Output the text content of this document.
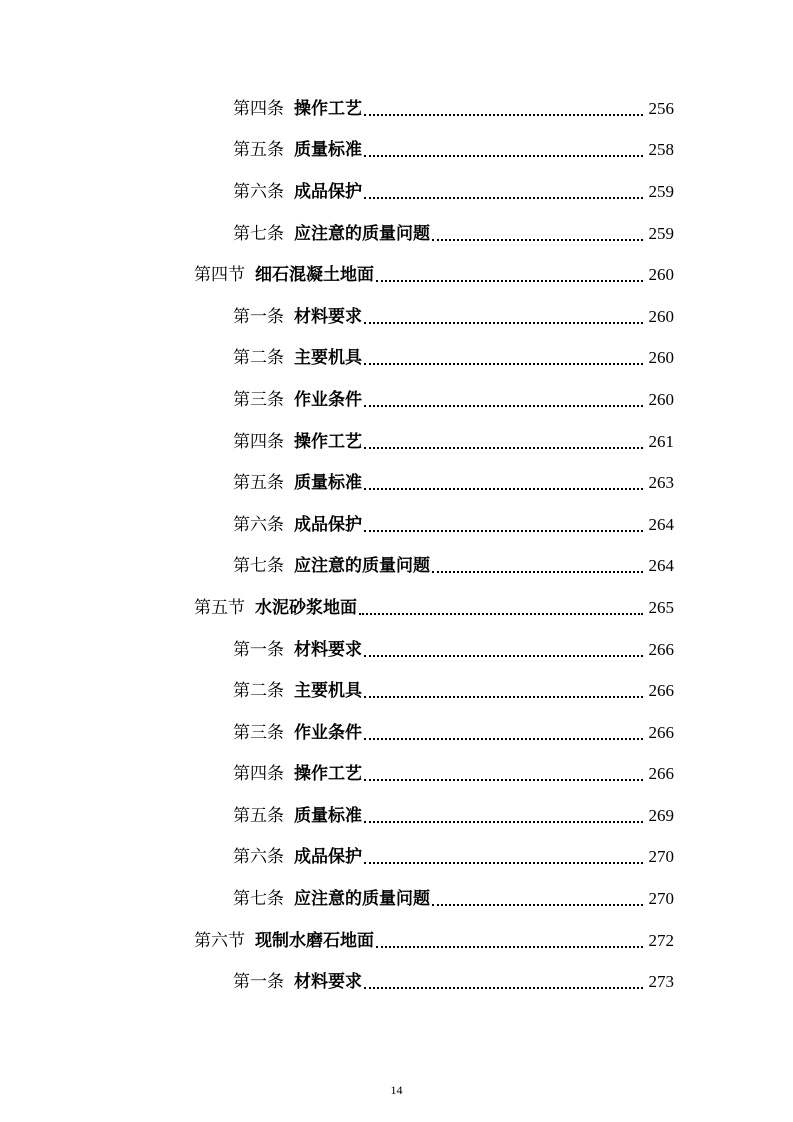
第四条 操作工艺	256
第五条 质量标准	258
第六条 成品保护	259
第七条 应注意的质量问题	259
第四节 细石混凝土地面	260
第一条 材料要求	260
第二条 主要机具	260
第三条 作业条件	260
第四条 操作工艺	261
第五条 质量标准	263
第六条 成品保护	264
第七条 应注意的质量问题	264
第五节 水泥砂浆地面	265
第一条 材料要求	266
第二条 主要机具	266
第三条 作业条件	266
第四条 操作工艺	266
第五条 质量标准	269
第六条 成品保护	270
第七条 应注意的质量问题	270
第六节 现制水磨石地面	272
第一条 材料要求	273
14
